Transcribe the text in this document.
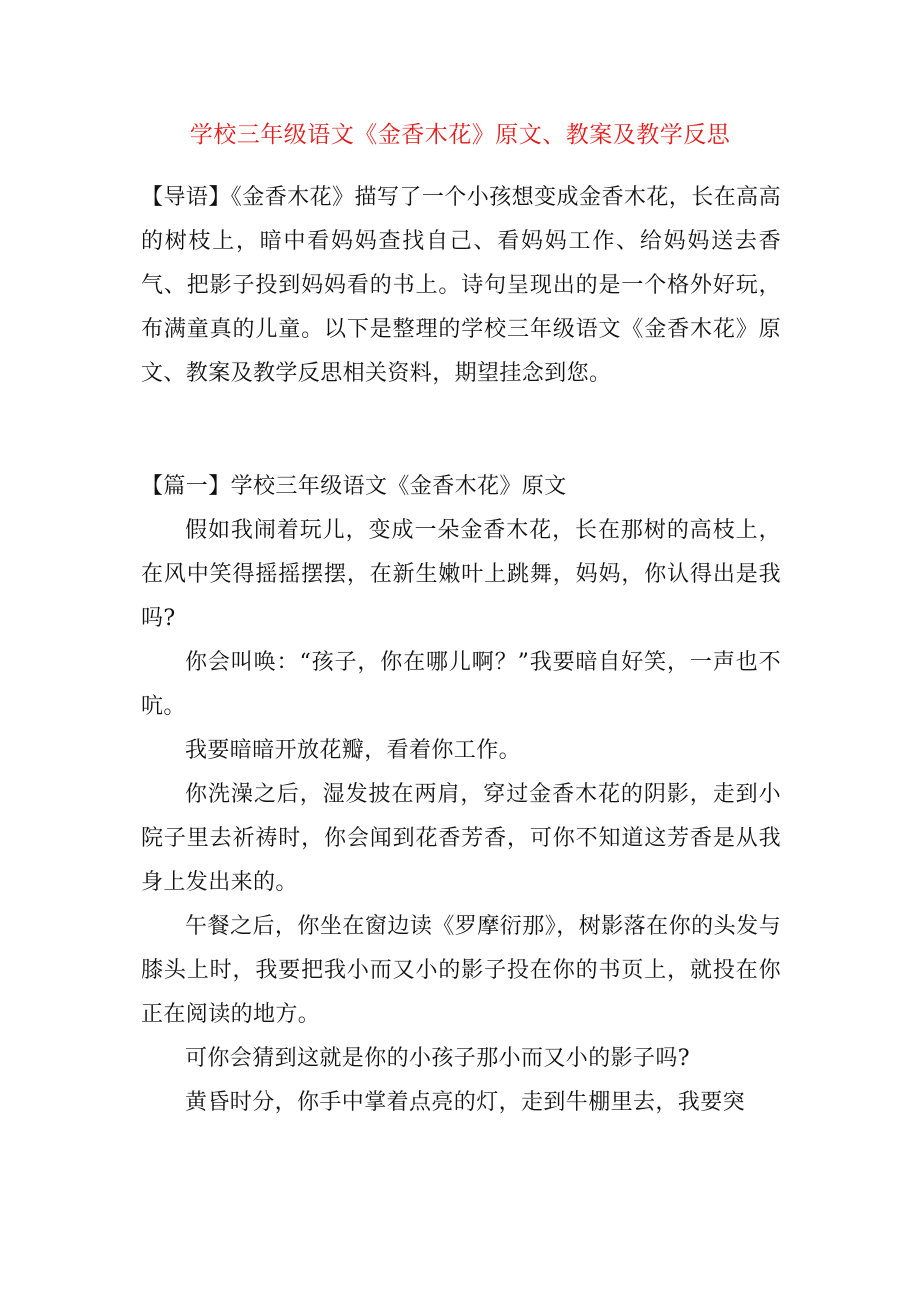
学校三年级语文《金香木花》原文、教案及教学反思
【导语】《金香木花》描写了一个小孩想变成金香木花，长在高高的树枝上，暗中看妈妈查找自己、看妈妈工作、给妈妈送去香气、把影子投到妈妈看的书上。诗句呈现出的是一个格外好玩，布满童真的儿童。以下是整理的学校三年级语文《金香木花》原文、教案及教学反思相关资料，期望挂念到您。
【篇一】学校三年级语文《金香木花》原文

假如我闹着玩儿，变成一朵金香木花，长在那树的高枝上，在风中笑得摇摇摆摆，在新生嫩叶上跳舞，妈妈，你认得出是我吗?

你会叫唤：“孩子，你在哪儿啊？”我要暗自好笑，一声也不吭。

我要暗暗开放花瓣，看着你工作。

你洗澡之后，湿发披在两肩，穿过金香木花的阴影，走到小院子里去祈祷时，你会闻到花香芳香，可你不知道这芳香是从我身上发出来的。

午餐之后，你坐在窗边读《罗摩衍那》，树影落在你的头发与膝头上时，我要把我小而又小的影子投在你的书页上，就投在你正在阅读的地方。

可你会猜到这就是你的小孩子那小而又小的影子吗?

黄昏时分，你手中掌着点亮的灯，走到牛棚里去，我要突
